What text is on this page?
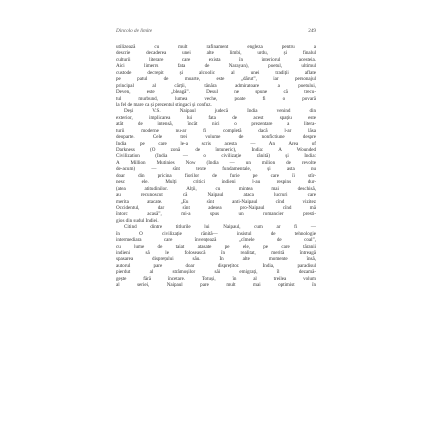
Dincolo de limite	249
utilizează cu mult rafinament engleza pentru a
descrie decaderea unei alte limbi, urdu, și finalul
culturii literare care exista în interiorul acesteia.
Aici limerrs fata de Narayan), poetul, ultimul
custode decrepit și alcoolic al unei tradiții aflate
pe patul de moarte, este „dărut”, iar personajul
principal al cărții, tânăra admiratoare a poetului,
Deven, este „bleagă”. Desul ne spune că trecu-
tul murbund, lumea veche, poate fi o povară
la fel de mare ca și prezentul stingaci și confuz.
Deși V.S. Naipaul judecă India venind din
exterior, implicarea lui fata de acest spațiu este
atât de intensă, încât nici o prezentare a litera-
turii moderne nu-ar fi completă dacă l-ar lăsa
deoparte. Cele trei volume de nonfictiune despre
India pe care le-a scris acesta — An Area of
Darkness (O zonă de întuneric), India: A Wounded
Civilization (India — o civilizație rănită) și India:
A Million Mutinies Now (India — un milion de revolte
de-acum) — sînt texte fundamentale, și asta nu
doar din pricina fiorilor de furie pe care îi stîr-
nesc ele. Mulți critici indieni l-au respins dur-
(atea atitudinilor. Alții, cu mintea mai deschisă,
au recunoscut că Naipaul ataca lucruri care
merita atacate. „Eu sînt anti-Naipaul cînd vizitez
Occidentul, dar sînt adesea pro-Naipaul cînd mă
întorc acasă”, mi-a spus un romancier presti-
gios din sudul Indiei.
Citind dintre titlurile lui Naipaul, cum ar fi —
în O civilizație rănită— insistul de tehnologie
intermediara care învențează „cîmele de coal”,
cu lume de taiat atasate pe ele, pe care tăranii
indieni să le folosească în realitat, merită întreagă
spasarea disprețului său. În alte momente însă,
autorul pare doar disprețitor. India, paradisul
pierdut al strămoșilor săi emigrați, îl dezamă-
gește fără încetare. Totuși, în al treilea volum
al seriei, Naipaul pare mult mai optimist în
